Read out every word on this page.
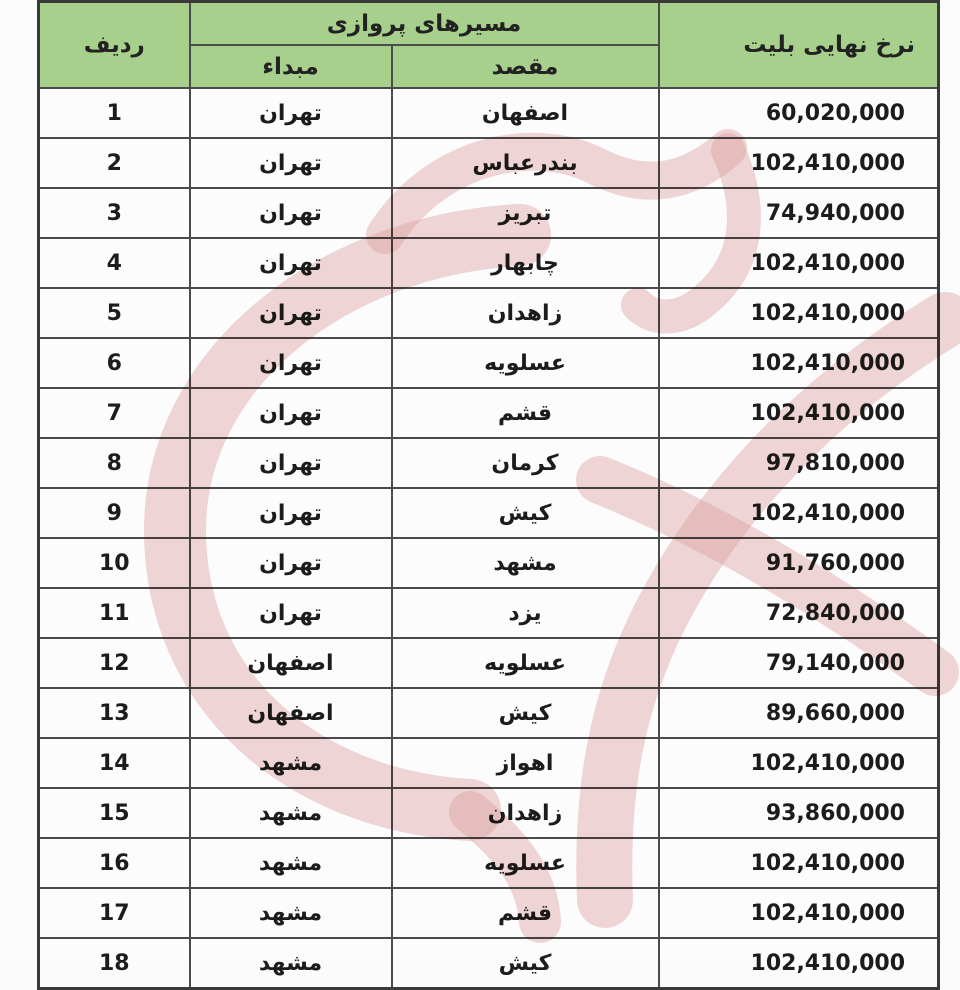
ردیف	مسیرهای پروازی		نرخ نهایی بلیت
	مبداء	مقصد	
1	تهران	اصفهان	60,020,000
2	تهران	بندرعباس	102,410,000
3	تهران	تبریز	74,940,000
4	تهران	چابهار	102,410,000
5	تهران	زاهدان	102,410,000
6	تهران	عسلویه	102,410,000
7	تهران	قشم	102,410,000
8	تهران	کرمان	97,810,000
9	تهران	کیش	102,410,000
10	تهران	مشهد	91,760,000
11	تهران	یزد	72,840,000
12	اصفهان	عسلویه	79,140,000
13	اصفهان	کیش	89,660,000
14	مشهد	اهواز	102,410,000
15	مشهد	زاهدان	93,860,000
16	مشهد	عسلویه	102,410,000
17	مشهد	قشم	102,410,000
18	مشهد	کیش	102,410,000
